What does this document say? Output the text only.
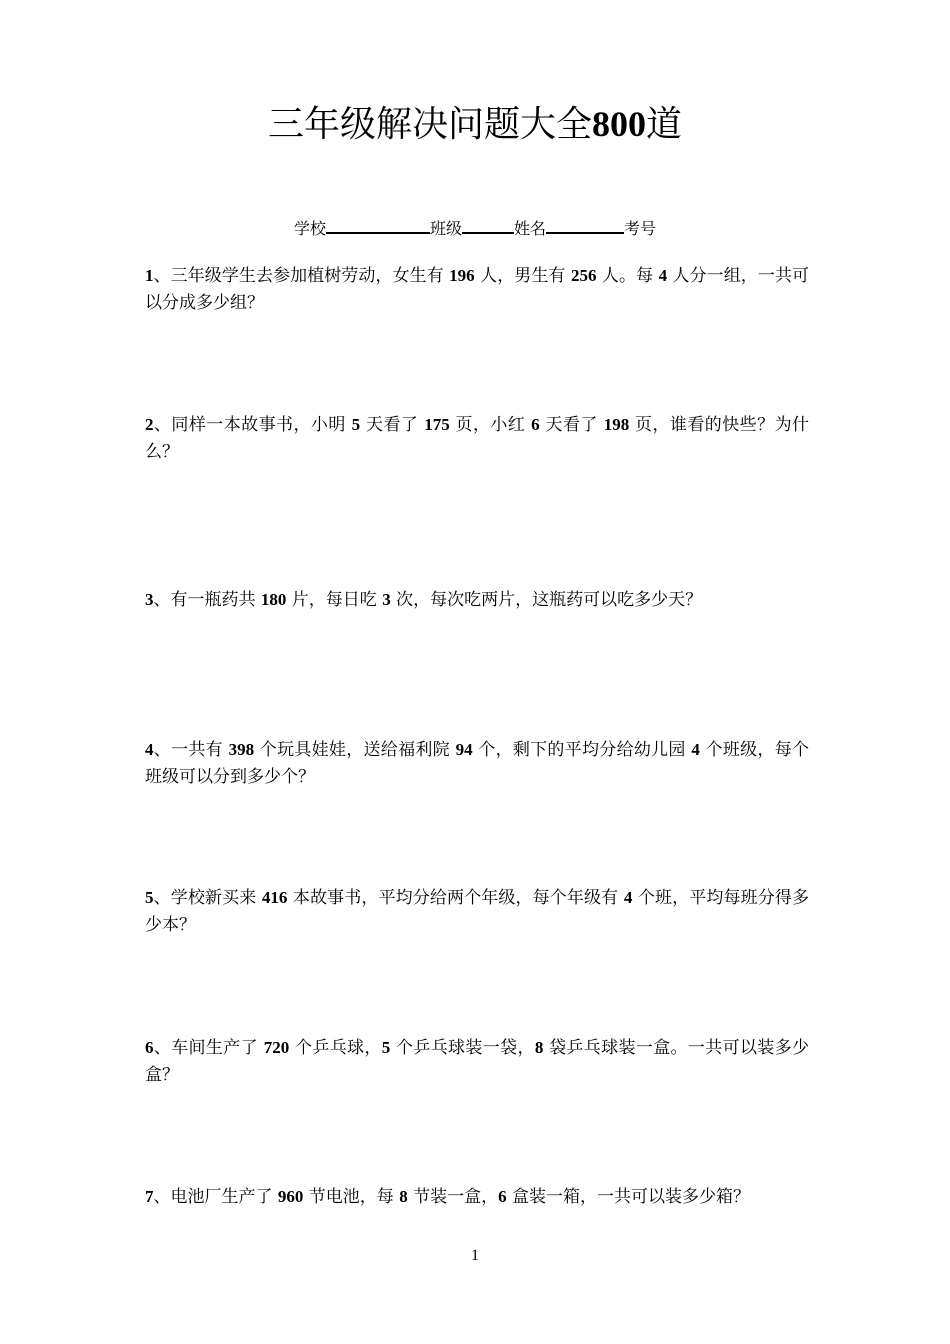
三年级解决问题大全800道
学校	班级	姓名	考号
1、三年级学生去参加植树劳动，女生有 196 人，男生有 256 人。每 4 人分一组，一共可以分成多少组？
2、同样一本故事书，小明 5 天看了 175 页，小红 6 天看了 198 页，谁看的快些？为什么？
3、有一瓶药共 180 片，每日吃 3 次，每次吃两片，这瓶药可以吃多少天？
4、一共有 398 个玩具娃娃，送给福利院 94 个，剩下的平均分给幼儿园 4 个班级，每个班级可以分到多少个？
5、学校新买来 416 本故事书，平均分给两个年级，每个年级有 4 个班，平均每班分得多少本？
6、车间生产了 720 个乒乓球，5 个乒乓球装一袋，8 袋乒乓球装一盒。一共可以装多少盒？
7、电池厂生产了 960 节电池，每 8 节装一盒，6 盒装一箱，一共可以装多少箱？
1
